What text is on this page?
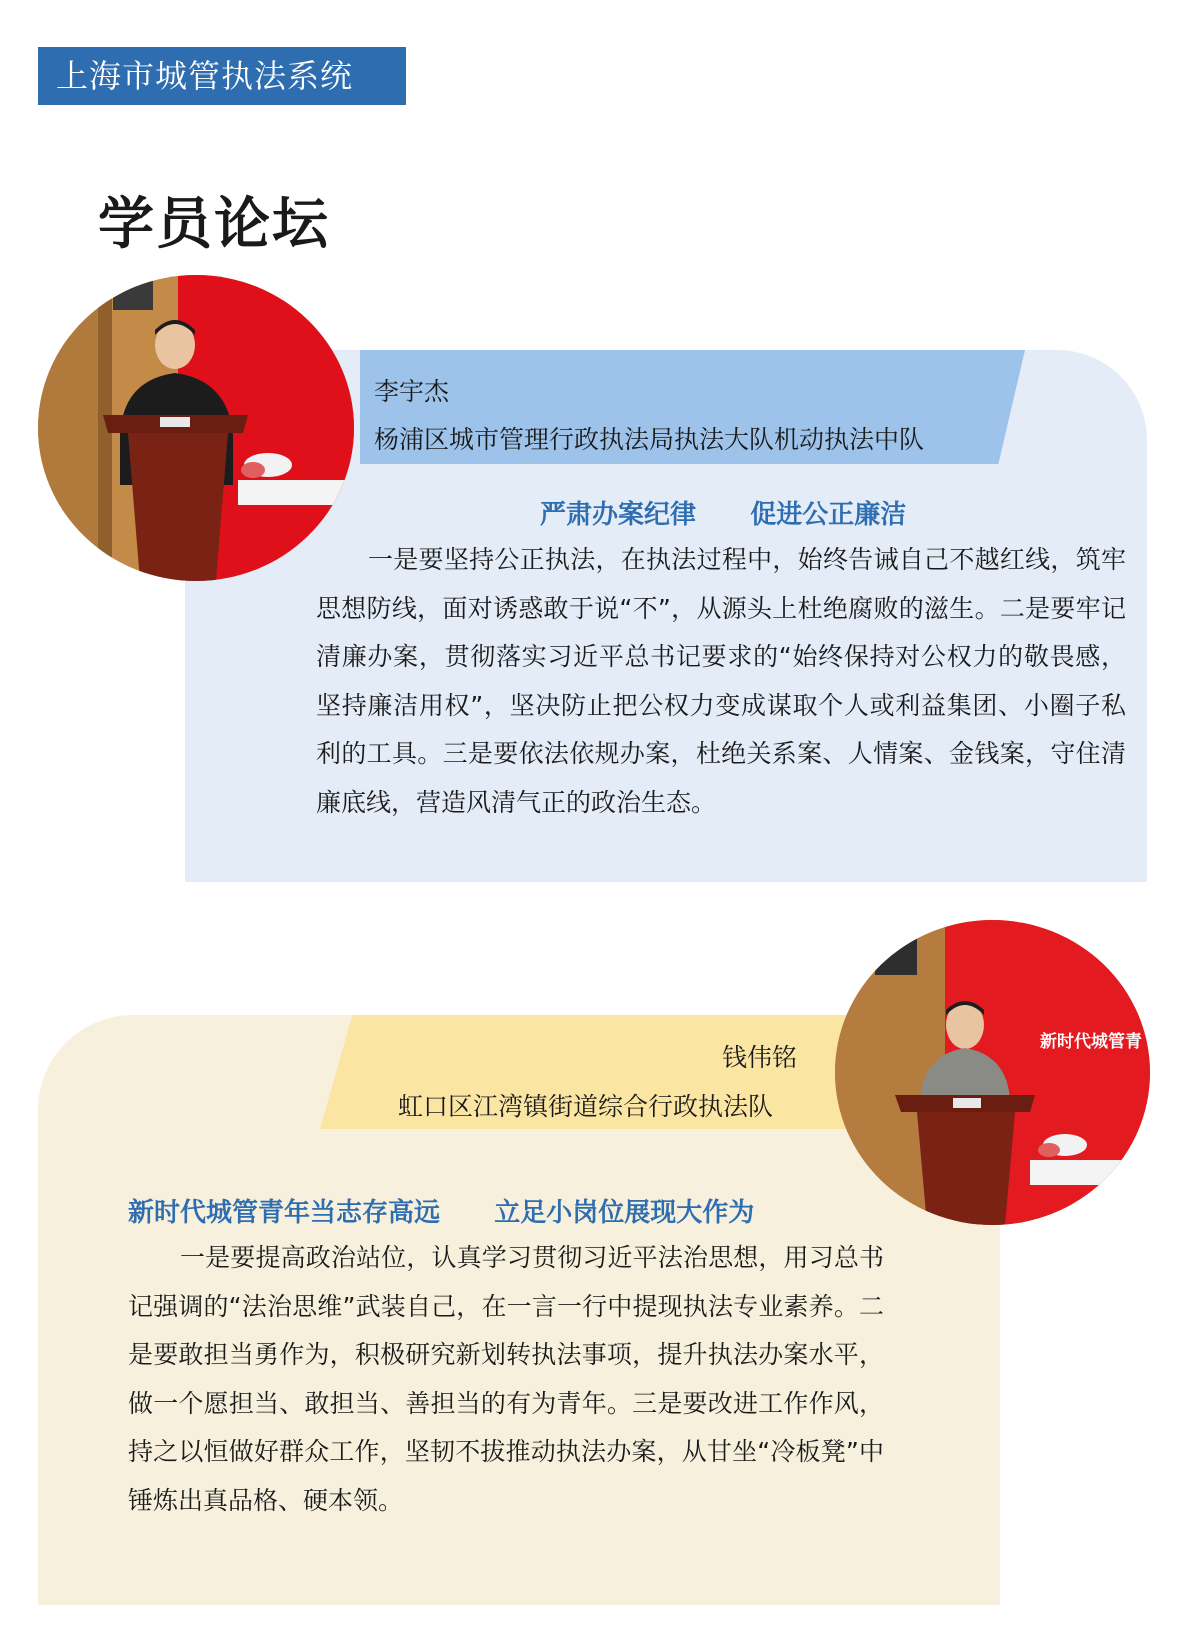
上海市城管执法系统
学员论坛
李宇杰
杨浦区城市管理行政执法局执法大队机动执法中队
严肃办案纪律      促进公正廉洁
一是要坚持公正执法，在执法过程中，始终告诫自己不越红线，筑牢思想防线，面对诱惑敢于说“不”，从源头上杜绝腐败的滋生。二是要牢记清廉办案，贯彻落实习近平总书记要求的“始终保持对公权力的敬畏感，坚持廉洁用权”，坚决防止把公权力变成谋取个人或利益集团、小圈子私利的工具。三是要依法依规办案，杜绝关系案、人情案、金钱案，守住清廉底线，营造风清气正的政治生态。
钱伟铭
虹口区江湾镇街道综合行政执法队
新时代城管青年当志存高远      立足小岗位展现大作为
一是要提高政治站位，认真学习贯彻习近平法治思想，用习总书记强调的“法治思维”武装自己，在一言一行中提现执法专业素养。二是要敢担当勇作为，积极研究新划转执法事项，提升执法办案水平，做一个愿担当、敢担当、善担当的有为青年。三是要改进工作作风，持之以恒做好群众工作，坚韧不拔推动执法办案，从甘坐“冷板凳”中锤炼出真品格、硬本领。
新时代城管青
